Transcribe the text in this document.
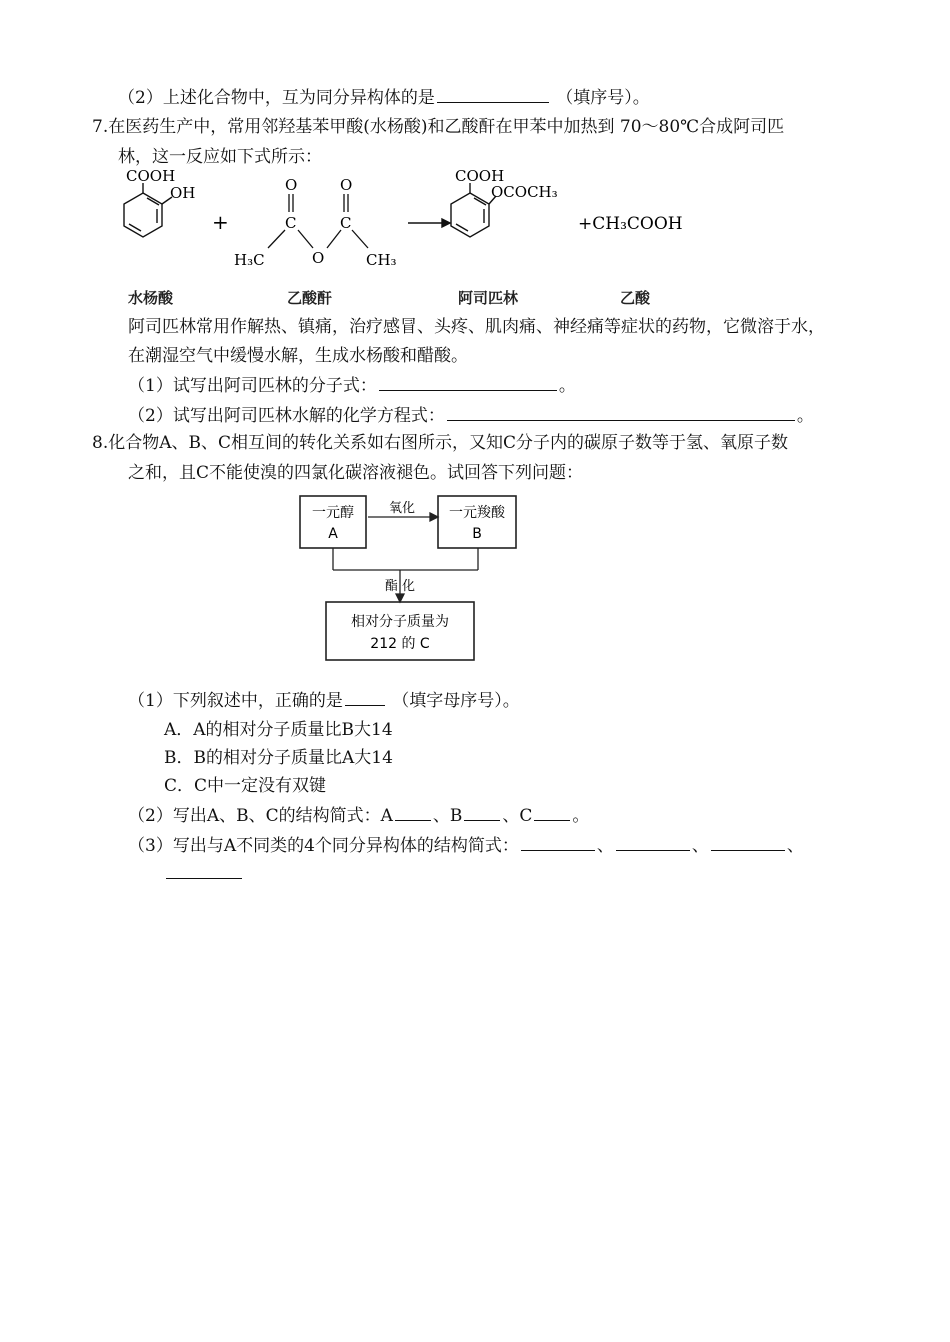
（2）上述化合物中，互为同分异构体的是	（填序号）。
7.在医药生产中，常用邻羟基苯甲酸(水杨酸)和乙酸酐在甲苯中加热到 70～80℃合成阿司匹
林，这一反应如下式所示：
COOH
OH
+
O	O
C	C
H₃C	O	CH₃
COOH
OCOCH₃
+CH₃COOH
水杨酸	乙酸酐	阿司匹林	乙酸
阿司匹林常用作解热、镇痛，治疗感冒、头疼、肌肉痛、神经痛等症状的药物，它微溶于水，
在潮湿空气中缓慢水解，生成水杨酸和醋酸。
（1）试写出阿司匹林的分子式：	。
（2）试写出阿司匹林水解的化学方程式：	。
8.化合物A、B、C相互间的转化关系如右图所示，又知C分子内的碳原子数等于氢、氧原子数
之和，且C不能使溴的四氯化碳溶液褪色。试回答下列问题：
一元醇
A
氧化 一元羧酸
B
酯 化
相对分子质量为
212 的 C
（1）下列叙述中，正确的是	（填字母序号）。
A．A的相对分子质量比B大14
B．B的相对分子质量比A大14
C．C中一定没有双键
（2）写出A、B、C的结构简式：A 、B 、C 。
（3）写出与A不同类的4个同分异构体的结构简式：	、	、	、
